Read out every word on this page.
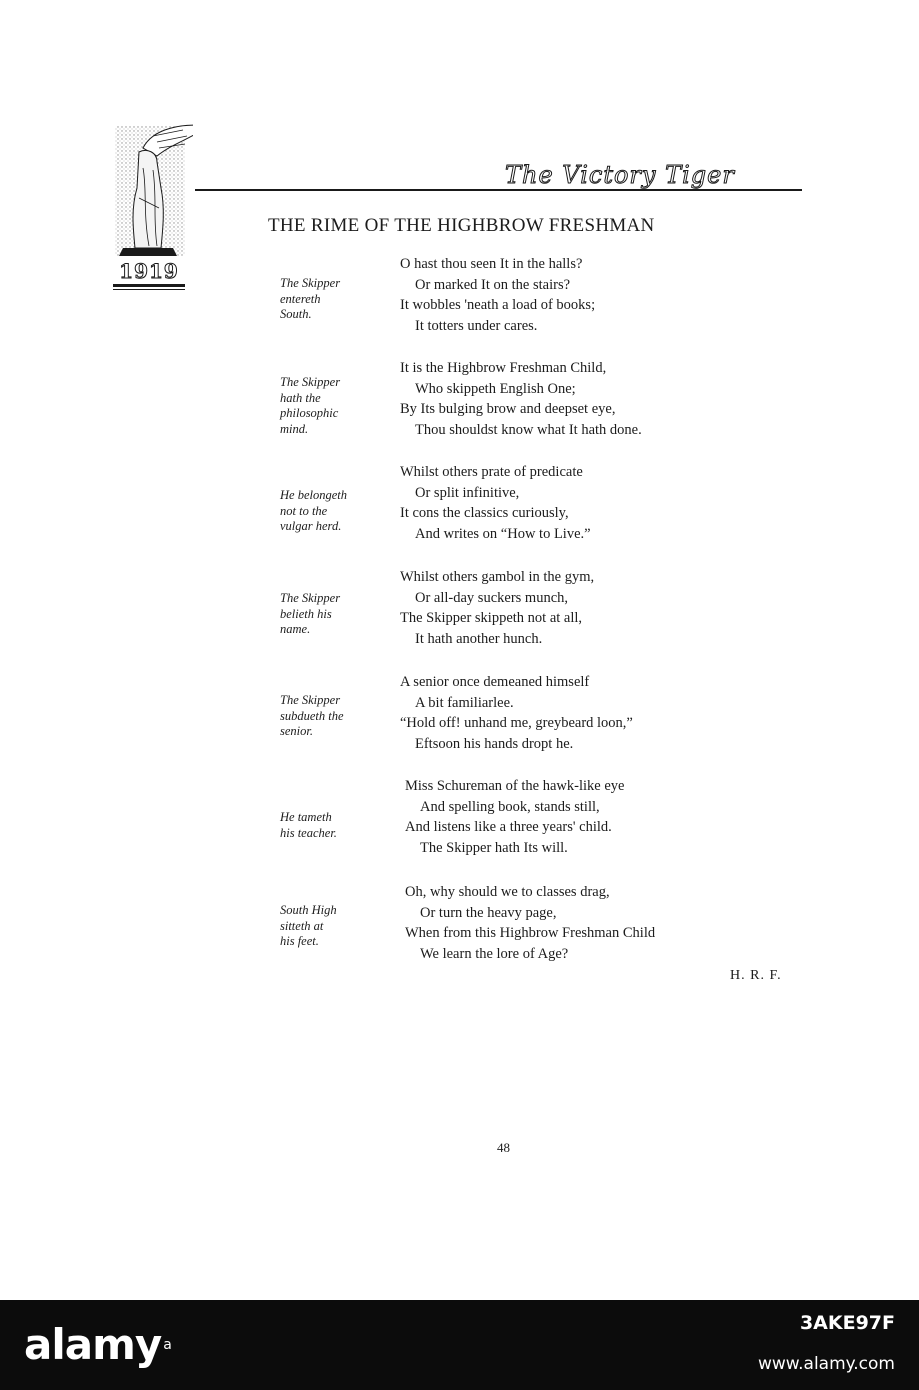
1919
The Victory Tiger
THE RIME OF THE HIGHBROW FRESHMAN
The Skipper
entereth
South.
O hast thou seen It in the halls?
Or marked It on the stairs?
It wobbles 'neath a load of books;
It totters under cares.
The Skipper
hath the
philosophic
mind.
It is the Highbrow Freshman Child,
Who skippeth English One;
By Its bulging brow and deepset eye,
Thou shouldst know what It hath done.
He belongeth
not to the
vulgar herd.
Whilst others prate of predicate
Or split infinitive,
It cons the classics curiously,
And writes on “How to Live.”
The Skipper
belieth his
name.
Whilst others gambol in the gym,
Or all-day suckers munch,
The Skipper skippeth not at all,
It hath another hunch.
The Skipper
subdueth the
senior.
A senior once demeaned himself
A bit familiarlee.
“Hold off! unhand me, greybeard loon,”
Eftsoon his hands dropt he.
He tameth
his teacher.
Miss Schureman of the hawk-like eye
And spelling book, stands still,
And listens like a three years' child.
The Skipper hath Its will.
South High
sitteth at
his feet.
Oh, why should we to classes drag,
Or turn the heavy page,
When from this Highbrow Freshman Child
We learn the lore of Age?
H. R. F.
48
alamy $^a$
3AKE97F
www.alamy.com
